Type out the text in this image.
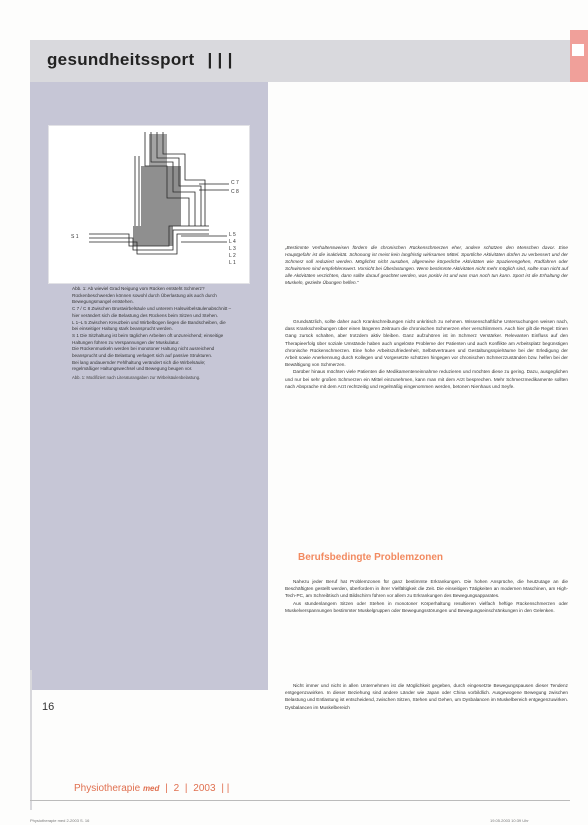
gesundheitssport | | |
C 7
C 8
L 5
L 4
L 3
L 2
L 1
S 1

Abb. 1: Ab wieviel Grad Neigung vom Rücken entsteht Schmerz? Rückenbeschwerden können sowohl durch Überlastung als auch durch Bewegungsmangel entstehen.

C 7 / C 8 Zwischen Brustwirbelsäule und unterem Halswirbelsäulenabschnitt – hier verändert sich die Belastung des Rückens beim Sitzen und Stehen.

L 1–L 5 Zwischen Kreuzbein und Wirbelbogen liegen die Bandscheiben, die bei einseitiger Haltung stark beansprucht werden.

S 1 Die Sitzhaltung ist beim täglichen Arbeiten oft unzureichend; einseitige Haltungen führen zu Verspannungen der Muskulatur.

Die Rückenmuskeln werden bei monotoner Haltung nicht ausreichend beansprucht und die Belastung verlagert sich auf passive Strukturen.

Bei lang andauernder Fehlhaltung verändert sich die Wirbelsäule; regelmäßiger Haltungswechsel und Bewegung beugen vor.

Abb. 1: Modifiziert nach Literaturangaben zur Wirbelsäulenbelastung.

„Bestimmte Verhaltensweisen fördern die chronischen Rückenschmerzen eher, andere schützen den Menschen davor. Eine Hauptgefahr ist die inaktivität. Schonung ist meist kein langfristig wirksames Mittel. Sportliche Aktivitäten dürfen zu verbessert und der Schmerz soll reduziert werden. Möglichst nicht ausüben, allgemeine körperliche Aktivitäten wie Spazierengehen, Radfahren oder Schwimmen sind empfehlenswert. Vorsicht bei Überlastungen. Wenn bestimmte Aktivitäten nicht mehr möglich sind, sollte man nicht auf alle Aktivitäten verzichten, dann sollte darauf geachtet werden, was positiv ist und was man noch tun kann. Sport ist die Erhaltung der Muskeln, gezielte Übungen helfen."

Grundsätzlich, sollte daher auch Krankschreibungen nicht unkritisch zu nehmen. Wissenschaftliche Untersuchungen weisen nach, dass Krankschreibungen über einen längeren Zeitraum die chronischen Schmerzen eher verschlimmern. Auch hier gilt die Regel: Einen Gang zurück schalten, aber trotzdem aktiv bleiben. Ganz aufzuhören ist im Schmerz Verstärker. Relevanten Einfluss auf den Therapieerfolg über soziale Umstände haben auch ungelöste Probleme der Patienten und auch Konflikte am Arbeitsplatz begünstigen chronische Rückenschmerzen. Eine hohe Arbeitszufriedenheit, Selbstvertrauen und Gestaltungsspielräume bei der Erledigung der Arbeit sowie Anerkennung durch Kollegen und Vorgesetzte schützen hingegen vor chronischen Schmerzzuständen bzw. helfen bei der Bewältigung von Schmerzen.

Darüber hinaus möchten viele Patienten die Medikamenteneinnahme reduzieren und möchten diese zu gering. Dazu, ausgeglichen und nur bei sehr großen Schmerzen ein Mittel einzunehmen, kann man mit dem Arzt besprechen. Mehr Schmerzmedikamente sollten nach Absprache mit dem Arzt rechtzeitig und regelmäßig eingenommen werden, betonen Nienhaus und Seyfe.

Berufsbedingte Problemzonen

Nahezu jeder Beruf hat Problemzonen für ganz bestimmte Erkrankungen. Die hohen Ansprüche, die heutzutage an die Beschäftigten gestellt werden, überfordern in ihrer Vielfältigkeit die Zeit. Die einseitigen Tätigkeiten an modernen Maschinen, am High-Tech-PC, am Schreibtisch und Bildschirm führen vor allem zu Erkrankungen des Bewegungsapparates.

Aus stundenlangem Sitzen oder Stehen in monotoner Körperhaltung resultieren vielfach heftige Rückenschmerzen oder Muskelverspannungen bestimmter Muskelgruppen oder Bewegungsstörungen und Bewegungseinschränkungen in den Gelenken.

Nicht immer und nicht in allen Unternehmen ist die Möglichkeit gegeben, durch eingesetzte Bewegungspausen dieser Tendenz entgegenzuwirken. In dieser Beziehung sind andere Länder wie Japan oder China vorbildlich. Ausgewogene Bewegung zwischen Belastung und Entlastung ist entscheidend, zwischen Sitzen, Stehen und Gehen, um Dysbalancen im Muskelbereich entgegenzuwirken. Dysbalancen im Muskelbereich

16
Physiotherapie med | 2 | 2003 | |
Physiotherapie med 2-2003 S. 16	19.05.2003 10:39 Uhr
